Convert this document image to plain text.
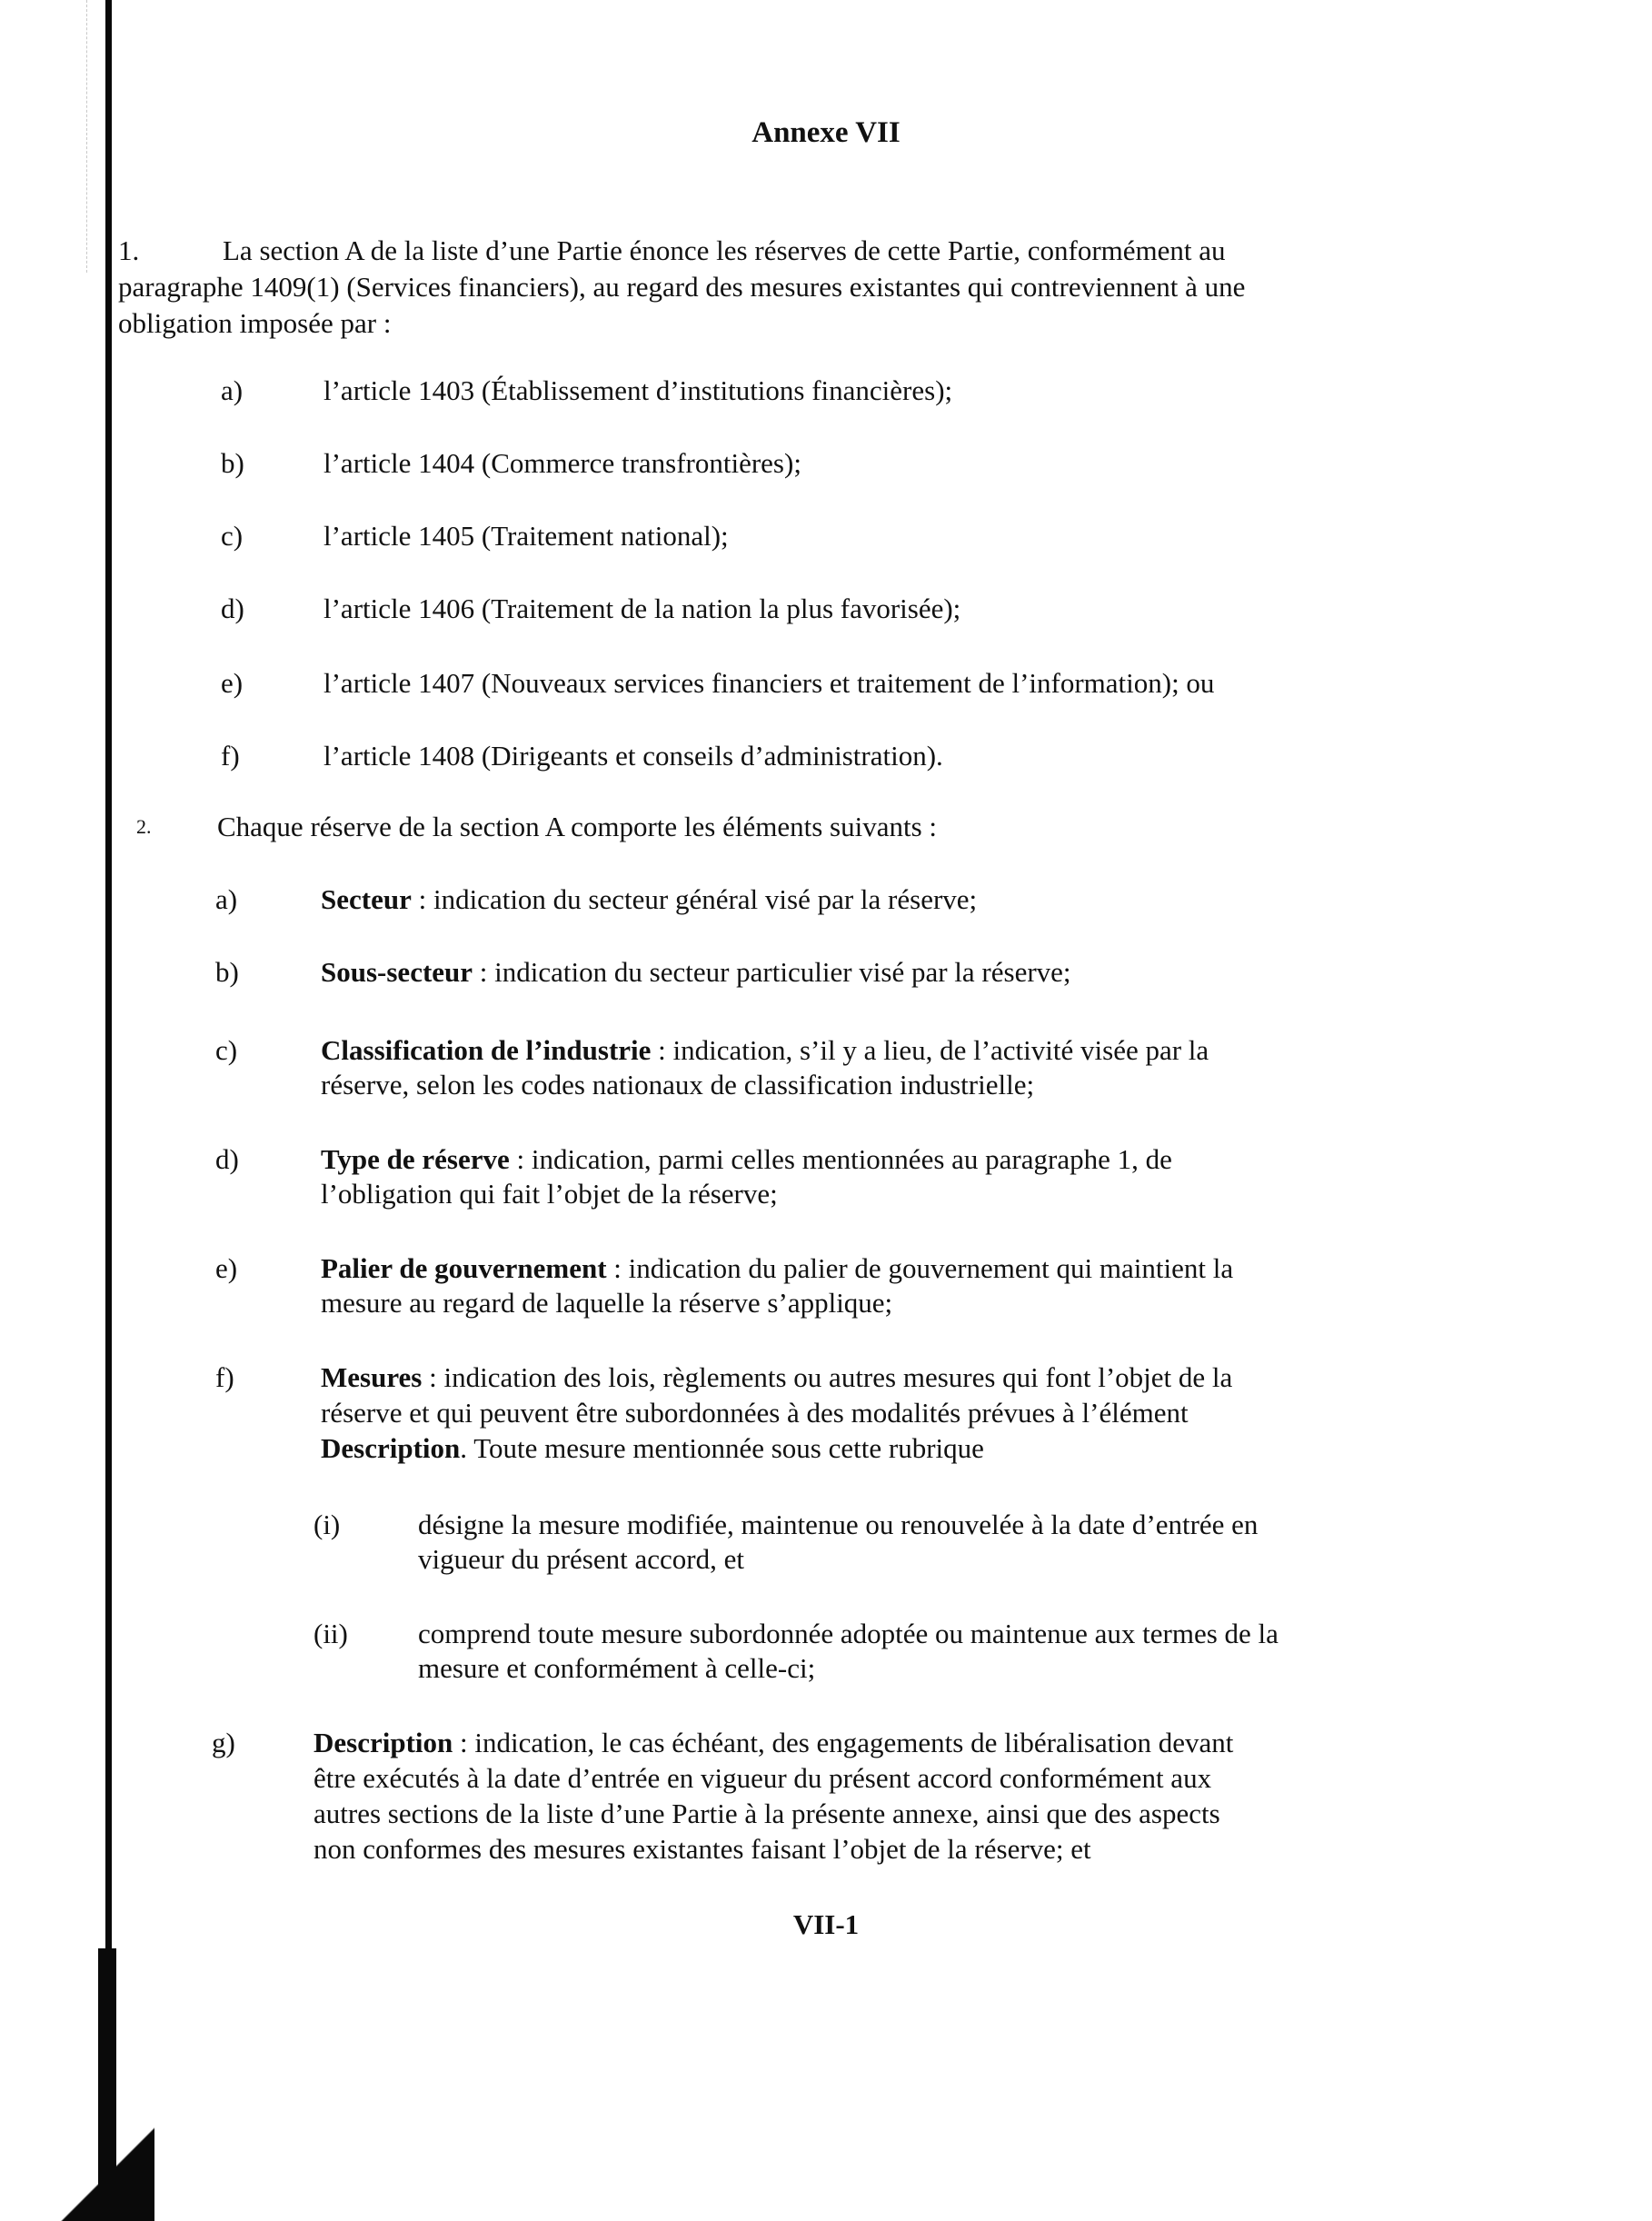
Annexe VII
1.	La section A de la liste d’une Partie énonce les réserves de cette Partie, conformément au
paragraphe 1409(1) (Services financiers), au regard des mesures existantes qui contreviennent à une
obligation imposée par :
a)	l’article 1403 (Établissement d’institutions financières);
b)	l’article 1404 (Commerce transfrontières);
c)	l’article 1405 (Traitement national);
d)	l’article 1406 (Traitement de la nation la plus favorisée);
e)	l’article 1407 (Nouveaux services financiers et traitement de l’information); ou
f)	l’article 1408 (Dirigeants et conseils d’administration).
2. Chaque réserve de la section A comporte les éléments suivants :
a)	Secteur : indication du secteur général visé par la réserve;
b)	Sous-secteur : indication du secteur particulier visé par la réserve;
c)	Classification de l’industrie : indication, s’il y a lieu, de l’activité visée par la
réserve, selon les codes nationaux de classification industrielle;
d)	Type de réserve : indication, parmi celles mentionnées au paragraphe 1, de
l’obligation qui fait l’objet de la réserve;
e)	Palier de gouvernement : indication du palier de gouvernement qui maintient la
mesure au regard de laquelle la réserve s’applique;
f)	Mesures : indication des lois, règlements ou autres mesures qui font l’objet de la
réserve et qui peuvent être subordonnées à des modalités prévues à l’élément
Description. Toute mesure mentionnée sous cette rubrique
(i)	désigne la mesure modifiée, maintenue ou renouvelée à la date d’entrée en
vigueur du présent accord, et
(ii) comprend toute mesure subordonnée adoptée ou maintenue aux termes de la
mesure et conformément à celle-ci;
g)	Description : indication, le cas échéant, des engagements de libéralisation devant
être exécutés à la date d’entrée en vigueur du présent accord conformément aux
autres sections de la liste d’une Partie à la présente annexe, ainsi que des aspects
non conformes des mesures existantes faisant l’objet de la réserve; et
VII-1
